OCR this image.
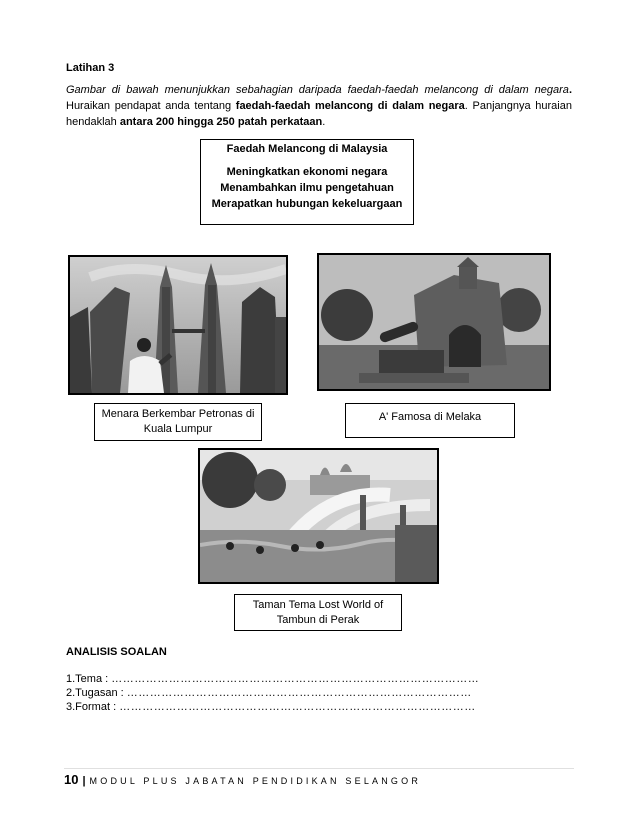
Latihan 3
Gambar di bawah menunjukkan sebahagian daripada faedah-faedah melancong di dalam negara. Huraikan pendapat anda tentang faedah-faedah melancong di dalam negara. Panjangnya huraian hendaklah antara 200 hingga 250 patah perkataan.
Faedah Melancong di Malaysia
Meningkatkan ekonomi negara
Menambahkan ilmu pengetahuan
Merapatkan hubungan kekeluargaan
Menara Berkembar Petronas di Kuala Lumpur
A' Famosa di Melaka
Taman Tema Lost World of Tambun di Perak
ANALISIS SOALAN
1.Tema : ……………………………………………………………………………………
2.Tugasan : ………………………………………………………………………………
3.Format : …………………………………………………………………………………
10 | MODUL PLUS JABATAN PENDIDIKAN SELANGOR
